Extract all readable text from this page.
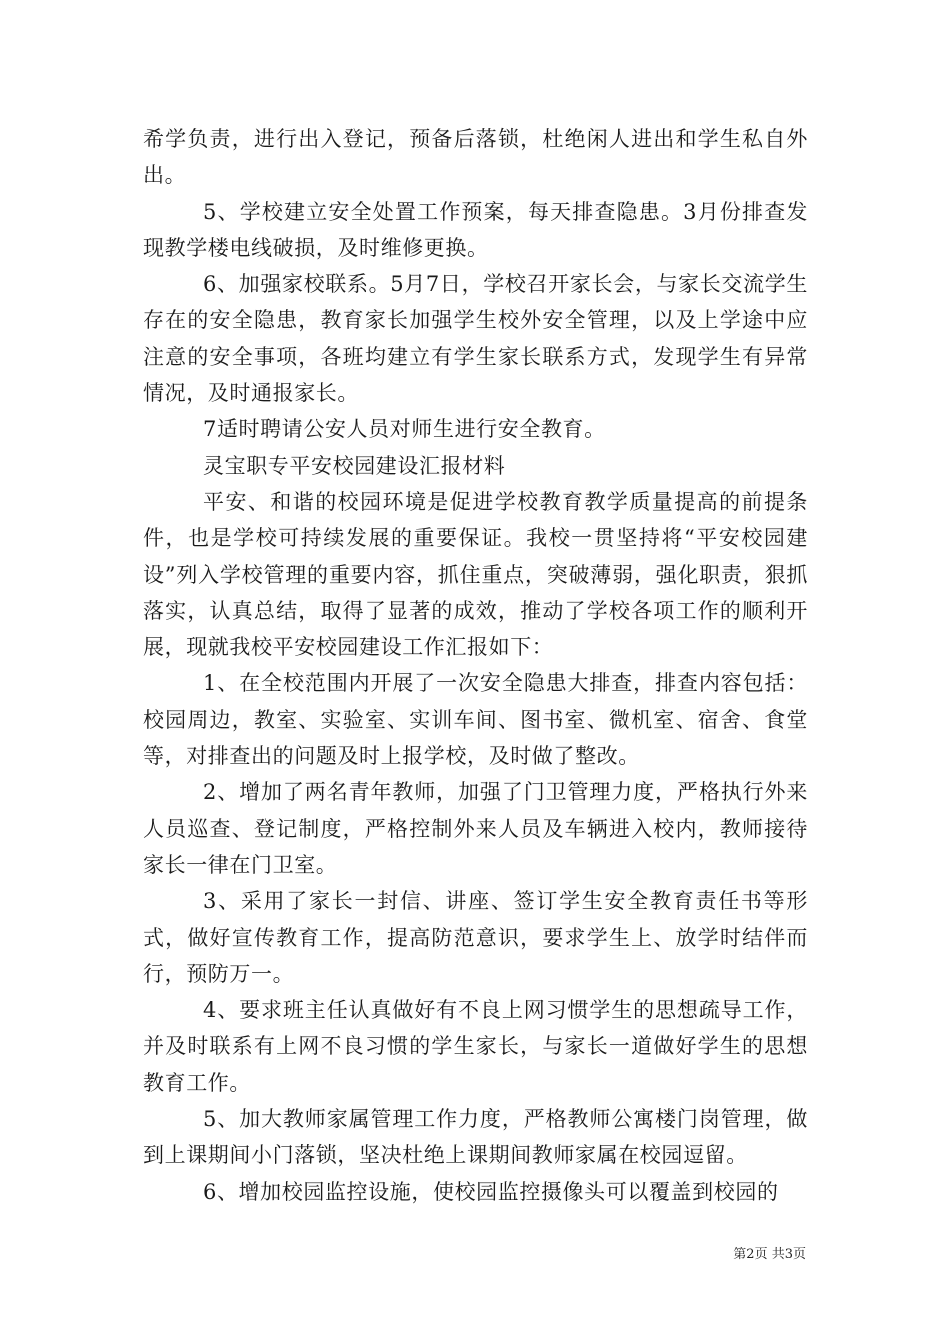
希学负责，进行出入登记，预备后落锁，杜绝闲人进出和学生私自外出。

5、学校建立安全处置工作预案，每天排查隐患。3月份排查发现教学楼电线破损，及时维修更换。

6、加强家校联系。5月7日，学校召开家长会，与家长交流学生存在的安全隐患，教育家长加强学生校外安全管理，以及上学途中应注意的安全事项，各班均建立有学生家长联系方式，发现学生有异常情况，及时通报家长。

7适时聘请公安人员对师生进行安全教育。

灵宝职专平安校园建设汇报材料

平安、和谐的校园环境是促进学校教育教学质量提高的前提条件，也是学校可持续发展的重要保证。我校一贯坚持将“平安校园建设”列入学校管理的重要内容，抓住重点，突破薄弱，强化职责，狠抓落实，认真总结，取得了显著的成效，推动了学校各项工作的顺利开展，现就我校平安校园建设工作汇报如下：

1、在全校范围内开展了一次安全隐患大排查，排查内容包括：校园周边，教室、实验室、实训车间、图书室、微机室、宿舍、食堂等，对排查出的问题及时上报学校，及时做了整改。

2、增加了两名青年教师，加强了门卫管理力度，严格执行外来人员巡查、登记制度，严格控制外来人员及车辆进入校内，教师接待家长一律在门卫室。

3、采用了家长一封信、讲座、签订学生安全教育责任书等形式，做好宣传教育工作，提高防范意识，要求学生上、放学时结伴而行，预防万一。

4、要求班主任认真做好有不良上网习惯学生的思想疏导工作，并及时联系有上网不良习惯的学生家长，与家长一道做好学生的思想教育工作。

5、加大教师家属管理工作力度，严格教师公寓楼门岗管理，做到上课期间小门落锁，坚决杜绝上课期间教师家属在校园逗留。

6、增加校园监控设施，使校园监控摄像头可以覆盖到校园的

第2页 共3页
